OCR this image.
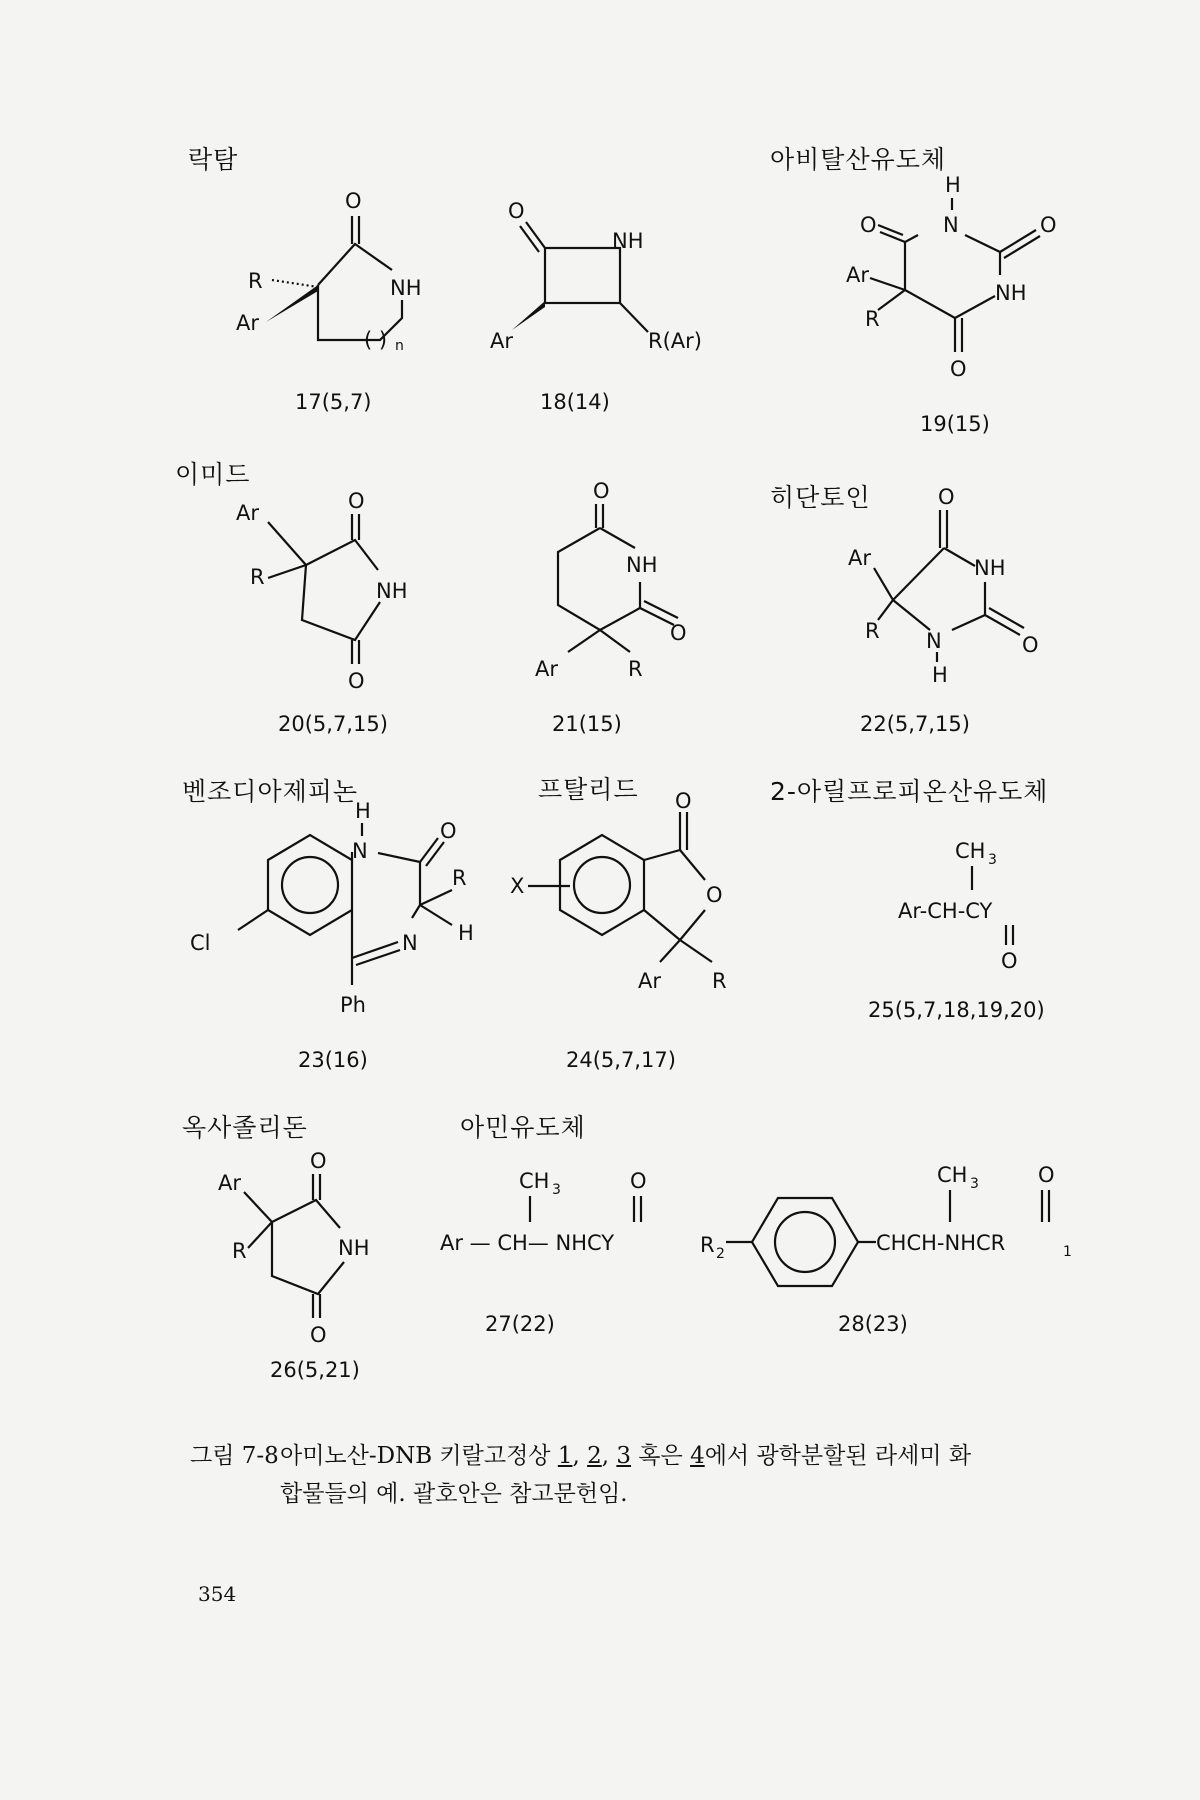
락탐	아비탈산유도체
이미드
히단토인
벤조디아제피논	프탈리드	2-아릴프로피온산유도체
옥사졸리돈	아민유도체
17(5,7)	18(14)
19(15)
20(5,7,15)	21(15)	22(5,7,15)
23(16)	24(5,7,17)
25(5,7,18,19,20)
26(5,21)
27(22)	28(23)
O
NH
( ) n
R
Ar
O
NH
Ar	R(Ar)
H
N
NH
O
O
Ar
R
O
O
NH
O
Ar
R
O
NH
O
Ar	R
O
NH
N	O
H
Ar
R
H
N
O
R
H
N
Ph
Cl
X
O
O
Ar R
CH 3
Ar-CH-CY
O
O
NH
O
Ar
R
CH 3
Ar — CH— NHCY
O
R 2	CHCH-NHCR	1
CH 3	O
그림 7-8아미노산-DNB 키랄고정상 1, 2, 3 혹은 4에서 광학분할된 라세미 화
합물들의 예. 괄호안은 참고문헌임.
354
